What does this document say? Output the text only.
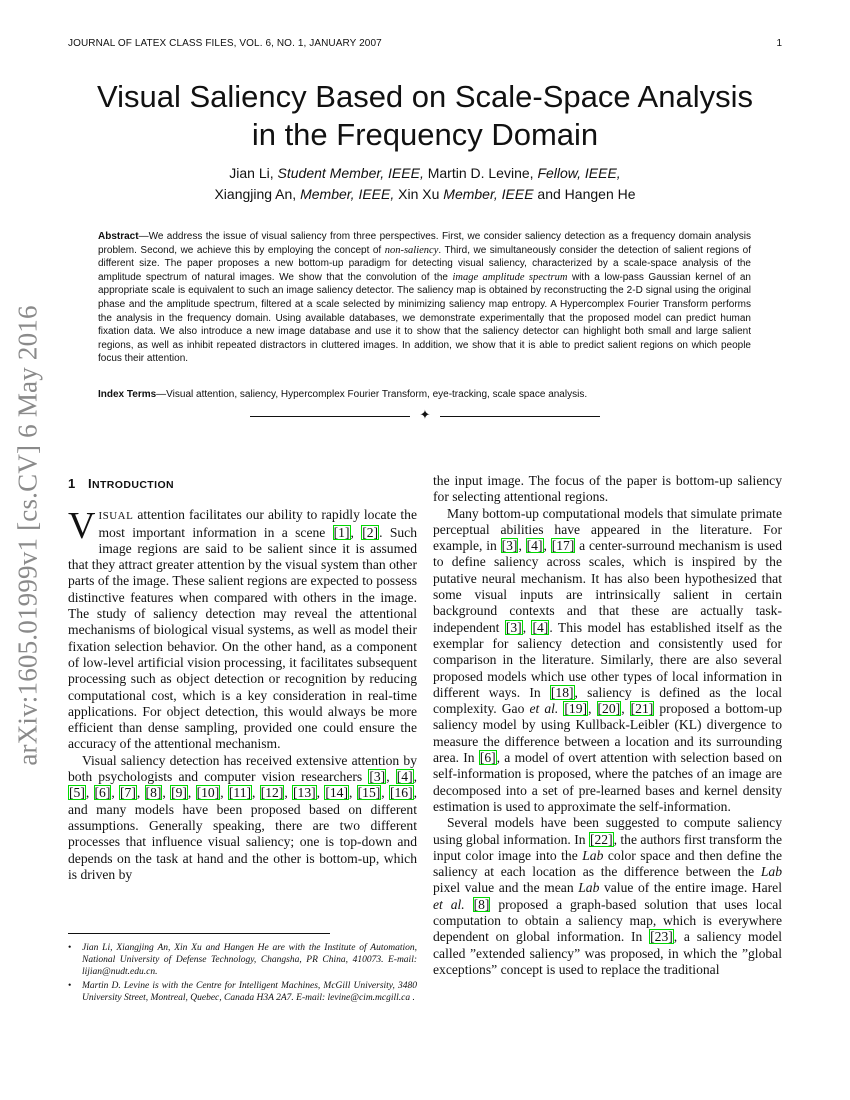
JOURNAL OF LATEX CLASS FILES, VOL. 6, NO. 1, JANUARY 2007	1
arXiv:1605.01999v1 [cs.CV] 6 May 2016
Visual Saliency Based on Scale-Space Analysis
in the Frequency Domain
Jian Li, Student Member, IEEE, Martin D. Levine, Fellow, IEEE,
Xiangjing An, Member, IEEE, Xin Xu Member, IEEE and Hangen He
Abstract—We address the issue of visual saliency from three perspectives. First, we consider saliency detection as a frequency domain analysis problem. Second, we achieve this by employing the concept of non-saliency. Third, we simultaneously consider the detection of salient regions of different size. The paper proposes a new bottom-up paradigm for detecting visual saliency, characterized by a scale-space analysis of the amplitude spectrum of natural images. We show that the convolution of the image amplitude spectrum with a low-pass Gaussian kernel of an appropriate scale is equivalent to such an image saliency detector. The saliency map is obtained by reconstructing the 2-D signal using the original phase and the amplitude spectrum, filtered at a scale selected by minimizing saliency map entropy. A Hypercomplex Fourier Transform performs the analysis in the frequency domain. Using available databases, we demonstrate experimentally that the proposed model can predict human fixation data. We also introduce a new image database and use it to show that the saliency detector can highlight both small and large salient regions, as well as inhibit repeated distractors in cluttered images. In addition, we show that it is able to predict salient regions on which people focus their attention.
Index Terms—Visual attention, saliency, Hypercomplex Fourier Transform, eye-tracking, scale space analysis.
✦
1 INTRODUCTION

VISUAL attention facilitates our ability to rapidly locate the most important information in a scene [1], [2]. Such image regions are said to be salient since it is assumed that they attract greater attention by the visual system than other parts of the image. These salient regions are expected to possess distinctive features when compared with others in the image. The study of saliency detection may reveal the attentional mechanisms of biological visual systems, as well as model their fixation selection behavior. On the other hand, as a component of low-level artificial vision processing, it facilitates subsequent processing such as object detection or recognition by reducing computational cost, which is a key consideration in real-time applications. For object detection, this would always be more efficient than dense sampling, provided one could ensure the accuracy of the attentional mechanism.

Visual saliency detection has received extensive attention by both psychologists and computer vision researchers [3], [4], [5], [6], [7], [8], [9], [10], [11], [12], [13], [14], [15], [16], and many models have been proposed based on different assumptions. Generally speaking, there are two different processes that influence visual saliency; one is top-down and depends on the task at hand and the other is bottom-up, which is driven by

•	Jian Li, Xiangjing An, Xin Xu and Hangen He are with the Institute of Automation, National University of Defense Technology, Changsha, PR China, 410073. E-mail: lijian@nudt.edu.cn.
•	Martin D. Levine is with the Centre for Intelligent Machines, McGill University, 3480 University Street, Montreal, Quebec, Canada H3A 2A7. E-mail: levine@cim.mcgill.ca .

the input image. The focus of the paper is bottom-up saliency for selecting attentional regions.

Many bottom-up computational models that simulate primate perceptual abilities have appeared in the literature. For example, in [3], [4], [17] a center-surround mechanism is used to define saliency across scales, which is inspired by the putative neural mechanism. It has also been hypothesized that some visual inputs are intrinsically salient in certain background contexts and that these are actually task-independent [3], [4]. This model has established itself as the exemplar for saliency detection and consistently used for comparison in the literature. Similarly, there are also several proposed models which use other types of local information in different ways. In [18], saliency is defined as the local complexity. Gao et al. [19], [20], [21] proposed a bottom-up saliency model by using Kullback-Leibler (KL) divergence to measure the difference between a location and its surrounding area. In [6], a model of overt attention with selection based on self-information is proposed, where the patches of an image are decomposed into a set of pre-learned bases and kernel density estimation is used to approximate the self-information.

Several models have been suggested to compute saliency using global information. In [22], the authors first transform the input color image into the Lab color space and then define the saliency at each location as the difference between the Lab pixel value and the mean Lab value of the entire image. Harel et al. [8] proposed a graph-based solution that uses local computation to obtain a saliency map, which is everywhere dependent on global information. In [23], a saliency model called ”extended saliency” was proposed, in which the ”global exceptions” concept is used to replace the traditional
